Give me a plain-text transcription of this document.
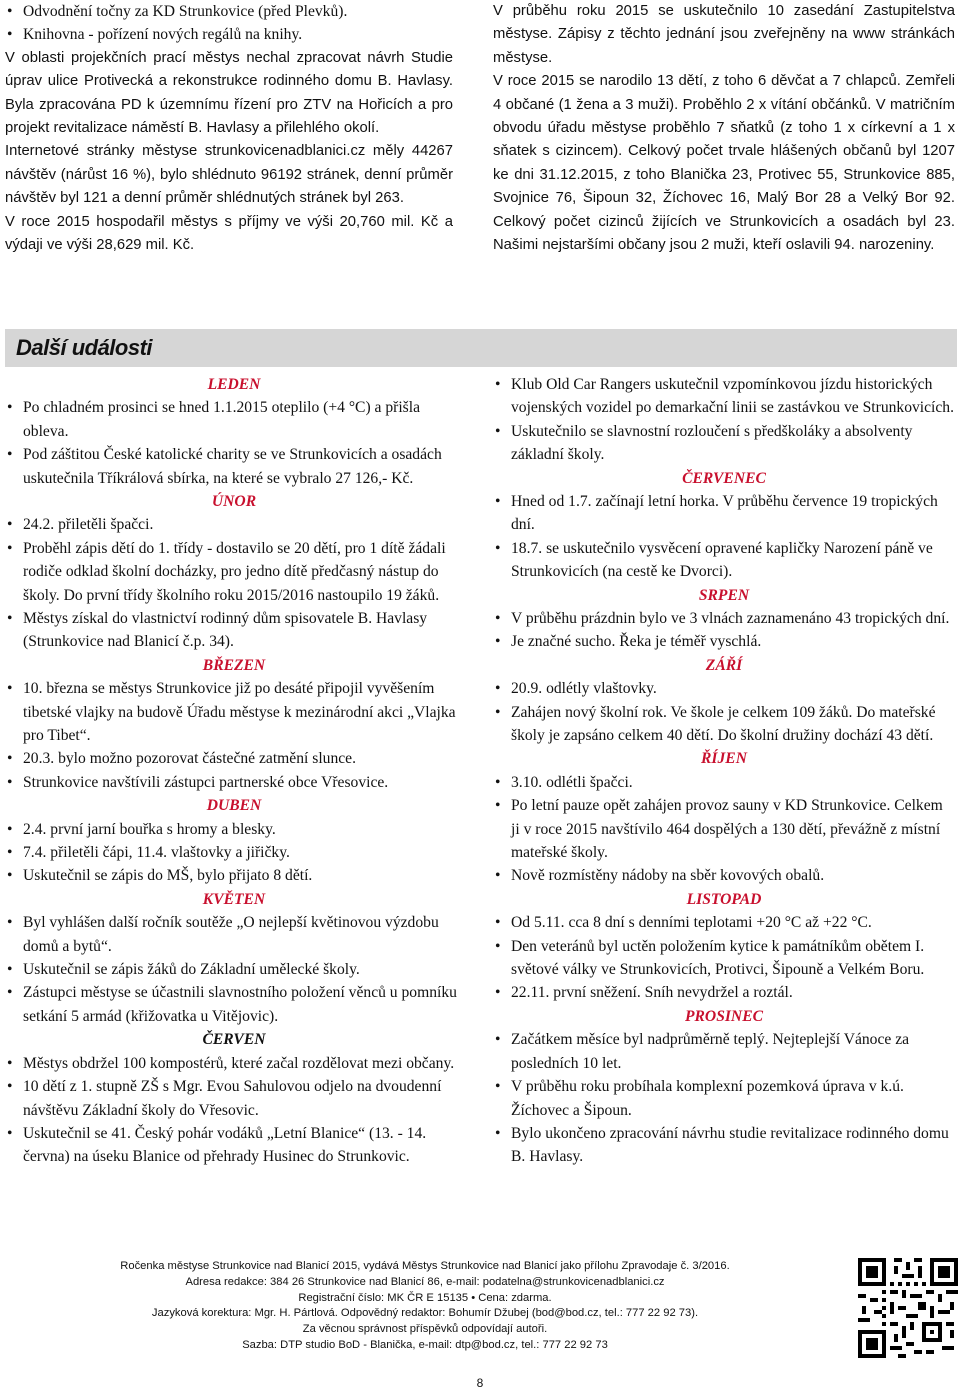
• Odvodnění točny za KD Strunkovice (před Plevků).
• Knihovna - pořízení nových regálů na knihy.

V oblasti projekčních prací městys nechal zpracovat návrh Studie úprav ulice Protivecká a rekonstrukce rodinného domu B. Havlasy. Byla zpracována PD k územnímu řízení pro ZTV na Hořicích a pro projekt revitalizace náměstí B. Havlasy a přilehlého okolí.

Internetové stránky městyse strunkovicenadblanici.cz měly 44267 návštěv (nárůst 16 %), bylo shlédnuto 96192 stránek, denní průměr návštěv byl 121 a denní průměr shlédnutých stránek byl 263.

V roce 2015 hospodařil městys s příjmy ve výši 20,760 mil. Kč a výdaji ve výši 28,629 mil. Kč.

V průběhu roku 2015 se uskutečnilo 10 zasedání Zastupitelstva městyse. Zápisy z těchto jednání jsou zveřejněny na www stránkách městyse.

V roce 2015 se narodilo 13 dětí, z toho 6 děvčat a 7 chlapců. Zemřeli 4 občané (1 žena a 3 muži). Proběhlo 2 x vítání občánků. V matričním obvodu úřadu městyse proběhlo 7 sňatků (z toho 1 x církevní a 1 x sňatek s cizincem). Celkový počet trvale hlášených občanů byl 1207 ke dni 31.12.2015, z toho Blanička 23, Protivec 55, Strunkovice 885, Svojnice 76, Šipoun 32, Žíchovec 16, Malý Bor 28 a Velký Bor 92. Celkový počet cizinců žijících ve Strunkovicích a osadách byl 23. Našimi nejstaršími občany jsou 2 muži, kteří oslavili 94. narozeniny.

Další události
LEDEN
• Po chladném prosinci se hned 1.1.2015 oteplilo (+4 °C) a přišla obleva.
• Pod záštitou České katolické charity se ve Strunkovicích a osadách uskutečnila Tříkrálová sbírka, na které se vybralo 27 126,- Kč.
ÚNOR
• 24.2. přiletěli špačci.
• Proběhl zápis dětí do 1. třídy - dostavilo se 20 dětí, pro 1 dítě žádali rodiče odklad školní docházky, pro jedno dítě předčasný nástup do školy. Do první třídy školního roku 2015/2016 nastoupilo 19 žáků.
• Městys získal do vlastnictví rodinný dům spisovatele B. Havlasy (Strunkovice nad Blanicí č.p. 34).
BŘEZEN
• 10. března se městys Strunkovice již po desáté připojil vyvěšením tibetské vlajky na budově Úřadu městyse k mezinárodní akci „Vlajka pro Tibet“.
• 20.3. bylo možno pozorovat částečné zatmění slunce.
• Strunkovice navštívili zástupci partnerské obce Vřesovice.
DUBEN
• 2.4. první jarní bouřka s hromy a blesky.
• 7.4. přiletěli čápi, 11.4. vlaštovky a jiřičky.
• Uskutečnil se zápis do MŠ, bylo přijato 8 dětí.
KVĚTEN
• Byl vyhlášen další ročník soutěže „O nejlepší květinovou výzdobu domů a bytů“.
• Uskutečnil se zápis žáků do Základní umělecké školy.
• Zástupci městyse se účastnili slavnostního položení věnců u pomníku setkání 5 armád (křižovatka u Vitějovic).
ČERVEN
• Městys obdržel 100 kompostérů, které začal rozdělovat mezi občany.
• 10 dětí z 1. stupně ZŠ s Mgr. Evou Sahulovou odjelo na dvoudenní návštěvu Základní školy do Vřesovic.
• Uskutečnil se 41. Český pohár vodáků „Letní Blanice“ (13. - 14. června) na úseku Blanice od přehrady Husinec do Strunkovic.
• Klub Old Car Rangers uskutečnil vzpomínkovou jízdu historických vojenských vozidel po demarkační linii se zastávkou ve Strunkovicích.
• Uskutečnilo se slavnostní rozloučení s předškoláky a absolventy základní školy.
ČERVENEC
• Hned od 1.7. začínají letní horka. V průběhu července 19 tropických dní.
• 18.7. se uskutečnilo vysvěcení opravené kapličky Narození páně ve Strunkovicích (na cestě ke Dvorci).
SRPEN
• V průběhu prázdnin bylo ve 3 vlnách zaznamenáno 43 tropických dní.
• Je značné sucho. Řeka je téměř vyschlá.
ZÁŘÍ
• 20.9. odlétly vlaštovky.
• Zahájen nový školní rok. Ve škole je celkem 109 žáků. Do mateřské školy je zapsáno celkem 40 dětí. Do školní družiny dochází 43 dětí.
ŘÍJEN
• 3.10. odlétli špačci.
• Po letní pauze opět zahájen provoz sauny v KD Strunkovice. Celkem ji v roce 2015 navštívilo 464 dospělých a 130 dětí, převážně z místní mateřské školy.
• Nově rozmístěny nádoby na sběr kovových obalů.
LISTOPAD
• Od 5.11. cca 8 dní s denními teplotami +20 °C až +22 °C.
• Den veteránů byl uctěn položením kytice k památníkům obětem I. světové války ve Strunkovicích, Protivci, Šipouně a Velkém Boru.
• 22.11. první sněžení. Sníh nevydržel a roztál.
PROSINEC
• Začátkem měsíce byl nadprůměrně teplý. Nejteplejší Vánoce za posledních 10 let.
• V průběhu roku probíhala komplexní pozemková úprava v k.ú. Žíchovec a Šipoun.
• Bylo ukončeno zpracování návrhu studie revitalizace rodinného domu B. Havlasy.
Ročenka městyse Strunkovice nad Blanicí 2015, vydává Městys Strunkovice nad Blanicí jako přílohu Zpravodaje č. 3/2016.
Adresa redakce: 384 26 Strunkovice nad Blanicí 86, e-mail: podatelna@strunkovicenadblanici.cz
Registrační číslo: MK ČR E 15135 • Cena: zdarma.
Jazyková korektura: Mgr. H. Pártlová. Odpovědný redaktor: Bohumír Džubej (bod@bod.cz, tel.: 777 22 92 73).
Za věcnou správnost příspěvků odpovídají autoři.
Sazba: DTP studio BoD - Blanička, e-mail: dtp@bod.cz, tel.: 777 22 92 73
8
